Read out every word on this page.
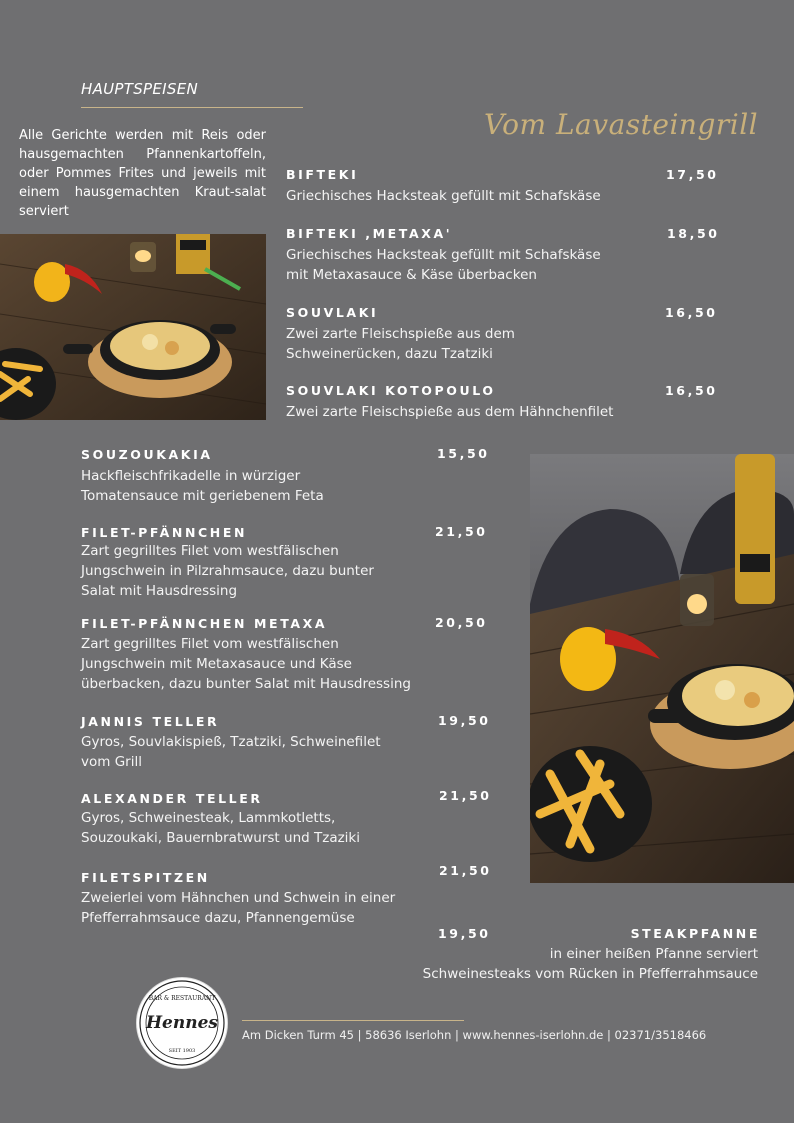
HAUPTSPEISEN
Alle Gerichte werden mit Reis oder hausgemachten Pfannenkartoffeln, oder Pommes Frites und jeweils mit einem hausgemachten Kraut-salat serviert
Vom Lavasteingrill
BIFTEKI	17,50
Griechisches Hacksteak gefüllt mit Schafskäse
BIFTEKI ,METAXA'	18,50
Griechisches Hacksteak gefüllt mit Schafskäse
mit Metaxasauce & Käse überbacken
SOUVLAKI	16,50
Zwei zarte Fleischspieße aus dem
Schweinerücken, dazu Tzatziki
SOUVLAKI KOTOPOULO	16,50
Zwei zarte Fleischspieße aus dem Hähnchenfilet
SOUZOUKAKIA	15,50
Hackfleischfrikadelle in würziger
Tomatensauce mit geriebenem Feta
FILET-PFÄNNCHEN	21,50
Zart gegrilltes Filet vom westfälischen
Jungschwein in Pilzrahmsauce, dazu bunter
Salat mit Hausdressing
FILET-PFÄNNCHEN METAXA	20,50
Zart gegrilltes Filet vom westfälischen
Jungschwein mit Metaxasauce und Käse
überbacken, dazu bunter Salat mit Hausdressing
JANNIS TELLER	19,50
Gyros, Souvlakispieß, Tzatziki, Schweinefilet
vom Grill
ALEXANDER TELLER	21,50
Gyros, Schweinesteak, Lammkotletts,
Souzoukaki, Bauernbratwurst und Tzaziki
FILETSPITZEN	21,50
Zweierlei vom Hähnchen und Schwein in einer
Pfefferrahmsauce dazu, Pfannengemüse
19,50	STEAKPFANNE
in einer heißen Pfanne serviert
Schweinesteaks vom Rücken in Pfefferrahmsauce
BAR & RESTAURANT
Hennes
SEIT 1903
Am Dicken Turm 45 | 58636 Iserlohn | www.hennes-iserlohn.de | 02371/3518466
